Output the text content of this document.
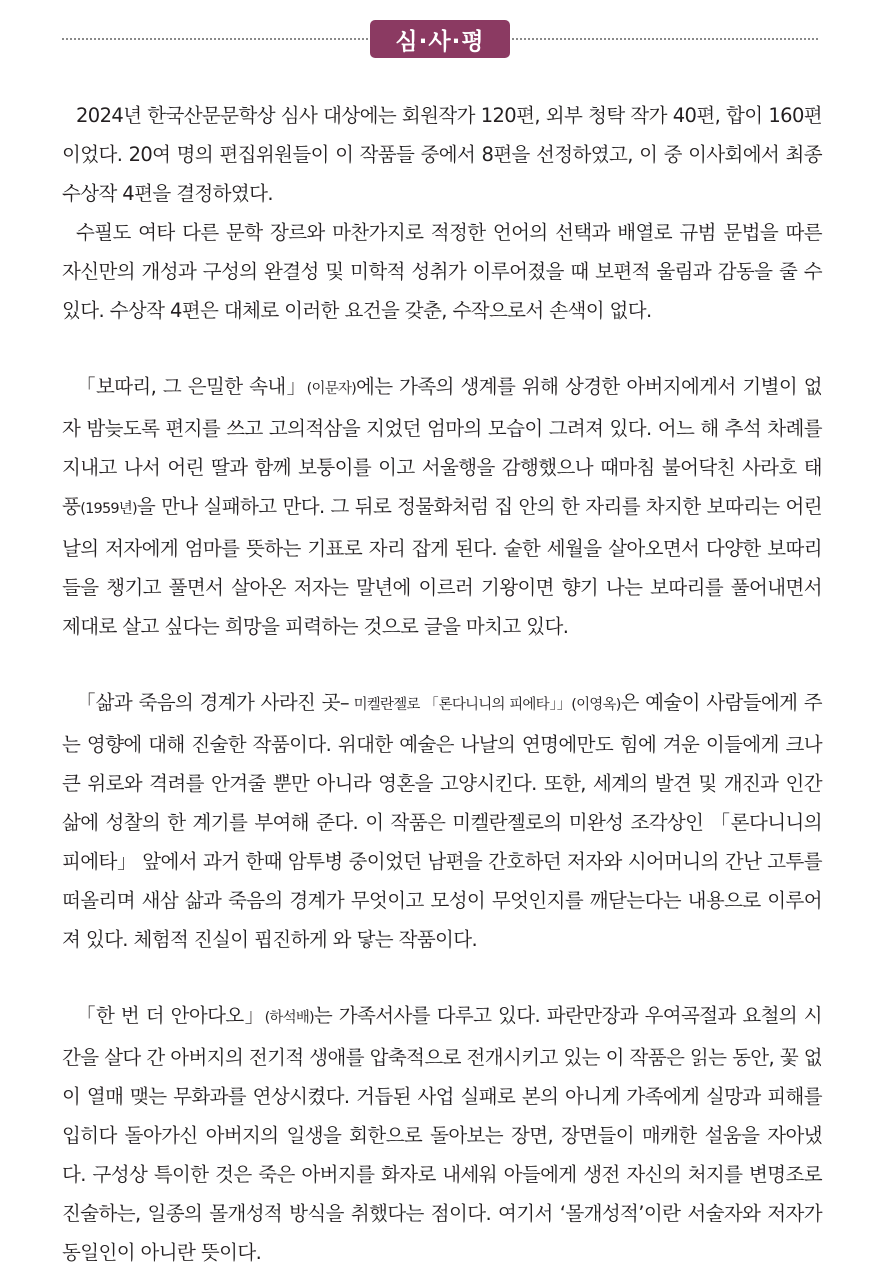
심·사·평

2024년 한국산문문학상 심사 대상에는 회원작가 120편, 외부 청탁 작가 40편, 합이 160편이었다. 20여 명의 편집위원들이 이 작품들 중에서 8편을 선정하였고, 이 중 이사회에서 최종 수상작 4편을 결정하였다.

수필도 여타 다른 문학 장르와 마찬가지로 적정한 언어의 선택과 배열로 규범 문법을 따른 자신만의 개성과 구성의 완결성 및 미학적 성취가 이루어졌을 때 보편적 울림과 감동을 줄 수 있다. 수상작 4편은 대체로 이러한 요건을 갖춘, 수작으로서 손색이 없다.

「보따리, 그 은밀한 속내」(이문자)에는 가족의 생계를 위해 상경한 아버지에게서 기별이 없자 밤늦도록 편지를 쓰고 고의적삼을 지었던 엄마의 모습이 그려져 있다. 어느 해 추석 차례를 지내고 나서 어린 딸과 함께 보퉁이를 이고 서울행을 감행했으나 때마침 불어닥친 사라호 태풍(1959년)을 만나 실패하고 만다. 그 뒤로 정물화처럼 집 안의 한 자리를 차지한 보따리는 어린 날의 저자에게 엄마를 뜻하는 기표로 자리 잡게 된다. 숱한 세월을 살아오면서 다양한 보따리들을 챙기고 풀면서 살아온 저자는 말년에 이르러 기왕이면 향기 나는 보따리를 풀어내면서 제대로 살고 싶다는 희망을 피력하는 것으로 글을 마치고 있다.

「삶과 죽음의 경계가 사라진 곳– 미켈란젤로 「론다니니의 피에타」」(이영옥)은 예술이 사람들에게 주는 영향에 대해 진술한 작품이다. 위대한 예술은 나날의 연명에만도 힘에 겨운 이들에게 크나큰 위로와 격려를 안겨줄 뿐만 아니라 영혼을 고양시킨다. 또한, 세계의 발견 및 개진과 인간 삶에 성찰의 한 계기를 부여해 준다. 이 작품은 미켈란젤로의 미완성 조각상인 「론다니니의 피에타」 앞에서 과거 한때 암투병 중이었던 남편을 간호하던 저자와 시어머니의 간난 고투를 떠올리며 새삼 삶과 죽음의 경계가 무엇이고 모성이 무엇인지를 깨닫는다는 내용으로 이루어져 있다. 체험적 진실이 핍진하게 와 닿는 작품이다.

「한 번 더 안아다오」(하석배)는 가족서사를 다루고 있다. 파란만장과 우여곡절과 요철의 시간을 살다 간 아버지의 전기적 생애를 압축적으로 전개시키고 있는 이 작품은 읽는 동안, 꽃 없이 열매 맺는 무화과를 연상시켰다. 거듭된 사업 실패로 본의 아니게 가족에게 실망과 피해를 입히다 돌아가신 아버지의 일생을 회한으로 돌아보는 장면, 장면들이 매캐한 설움을 자아냈다. 구성상 특이한 것은 죽은 아버지를 화자로 내세워 아들에게 생전 자신의 처지를 변명조로 진술하는, 일종의 몰개성적 방식을 취했다는 점이다. 여기서 ‘몰개성적’이란 서술자와 저자가 동일인이 아니란 뜻이다.
